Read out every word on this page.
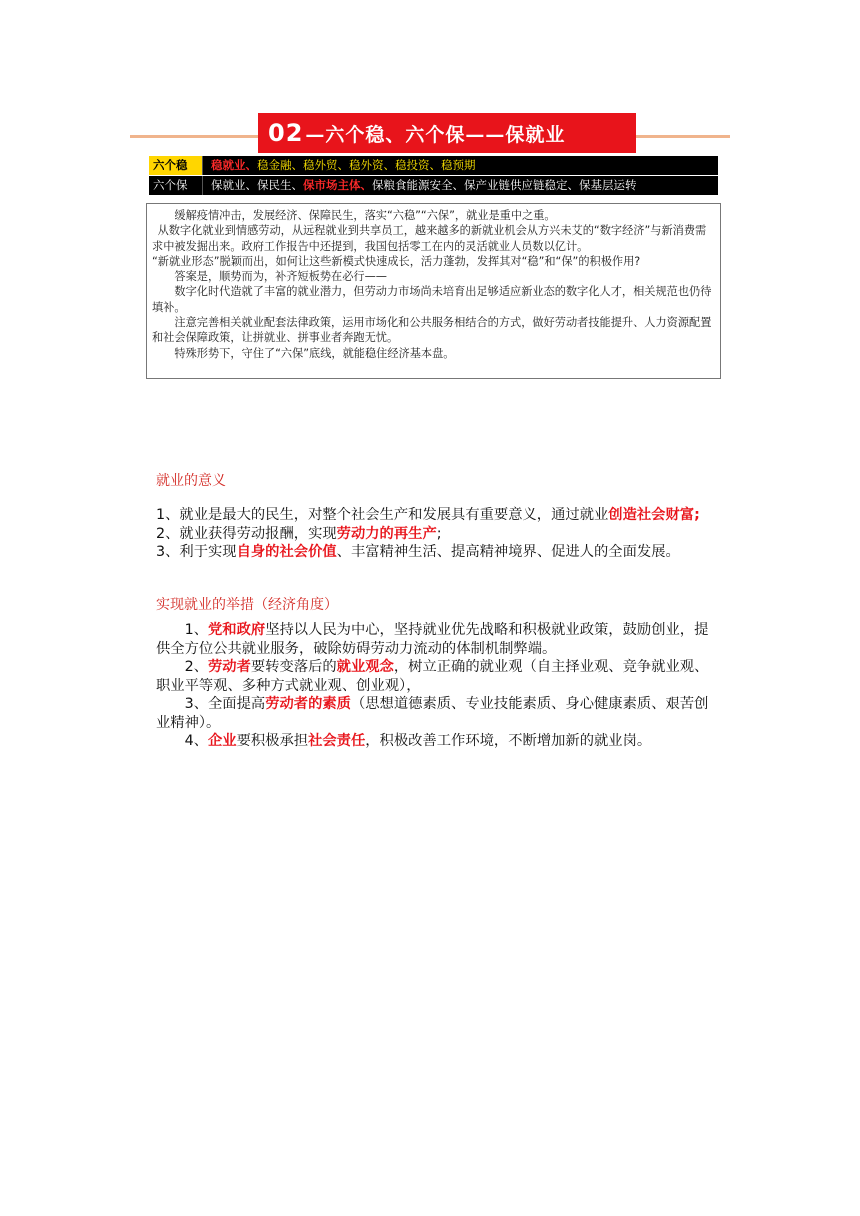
02 —六个稳、六个保——保就业
六个稳	稳就业、稳金融、稳外贸、稳外资、稳投资、稳预期
六个保	保就业、保民生、保市场主体、保粮食能源安全、保产业链供应链稳定、保基层运转

缓解疫情冲击，发展经济、保障民生，落实“六稳”“六保”，就业是重中之重。

从数字化就业到情感劳动，从远程就业到共享员工，越来越多的新就业机会从方兴未艾的“数字经济”与新消费需求中被发掘出来。政府工作报告中还提到，我国包括零工在内的灵活就业人员数以亿计。

“新就业形态”脱颖而出，如何让这些新模式快速成长，活力蓬勃，发挥其对“稳”和“保”的积极作用?

答案是，顺势而为，补齐短板势在必行——

数字化时代造就了丰富的就业潜力，但劳动力市场尚未培育出足够适应新业态的数字化人才，相关规范也仍待填补。

注意完善相关就业配套法律政策，运用市场化和公共服务相结合的方式，做好劳动者技能提升、人力资源配置和社会保障政策，让拼就业、拼事业者奔跑无忧。

特殊形势下，守住了“六保”底线，就能稳住经济基本盘。

就业的意义

1、就业是最大的民生，对整个社会生产和发展具有重要意义，通过就业创造社会财富;

2、就业获得劳动报酬，实现劳动力的再生产;

3、利于实现自身的社会价值、丰富精神生活、提高精神境界、促进人的全面发展。

实现就业的举措（经济角度）

1、党和政府坚持以人民为中心，坚持就业优先战略和积极就业政策，鼓励创业，提供全方位公共就业服务，破除妨碍劳动力流动的体制机制弊端。

2、劳动者要转变落后的就业观念，树立正确的就业观（自主择业观、竞争就业观、职业平等观、多种方式就业观、创业观），

3、全面提高劳动者的素质（思想道德素质、专业技能素质、身心健康素质、艰苦创业精神）。

4、企业要积极承担社会责任，积极改善工作环境，不断增加新的就业岗。
